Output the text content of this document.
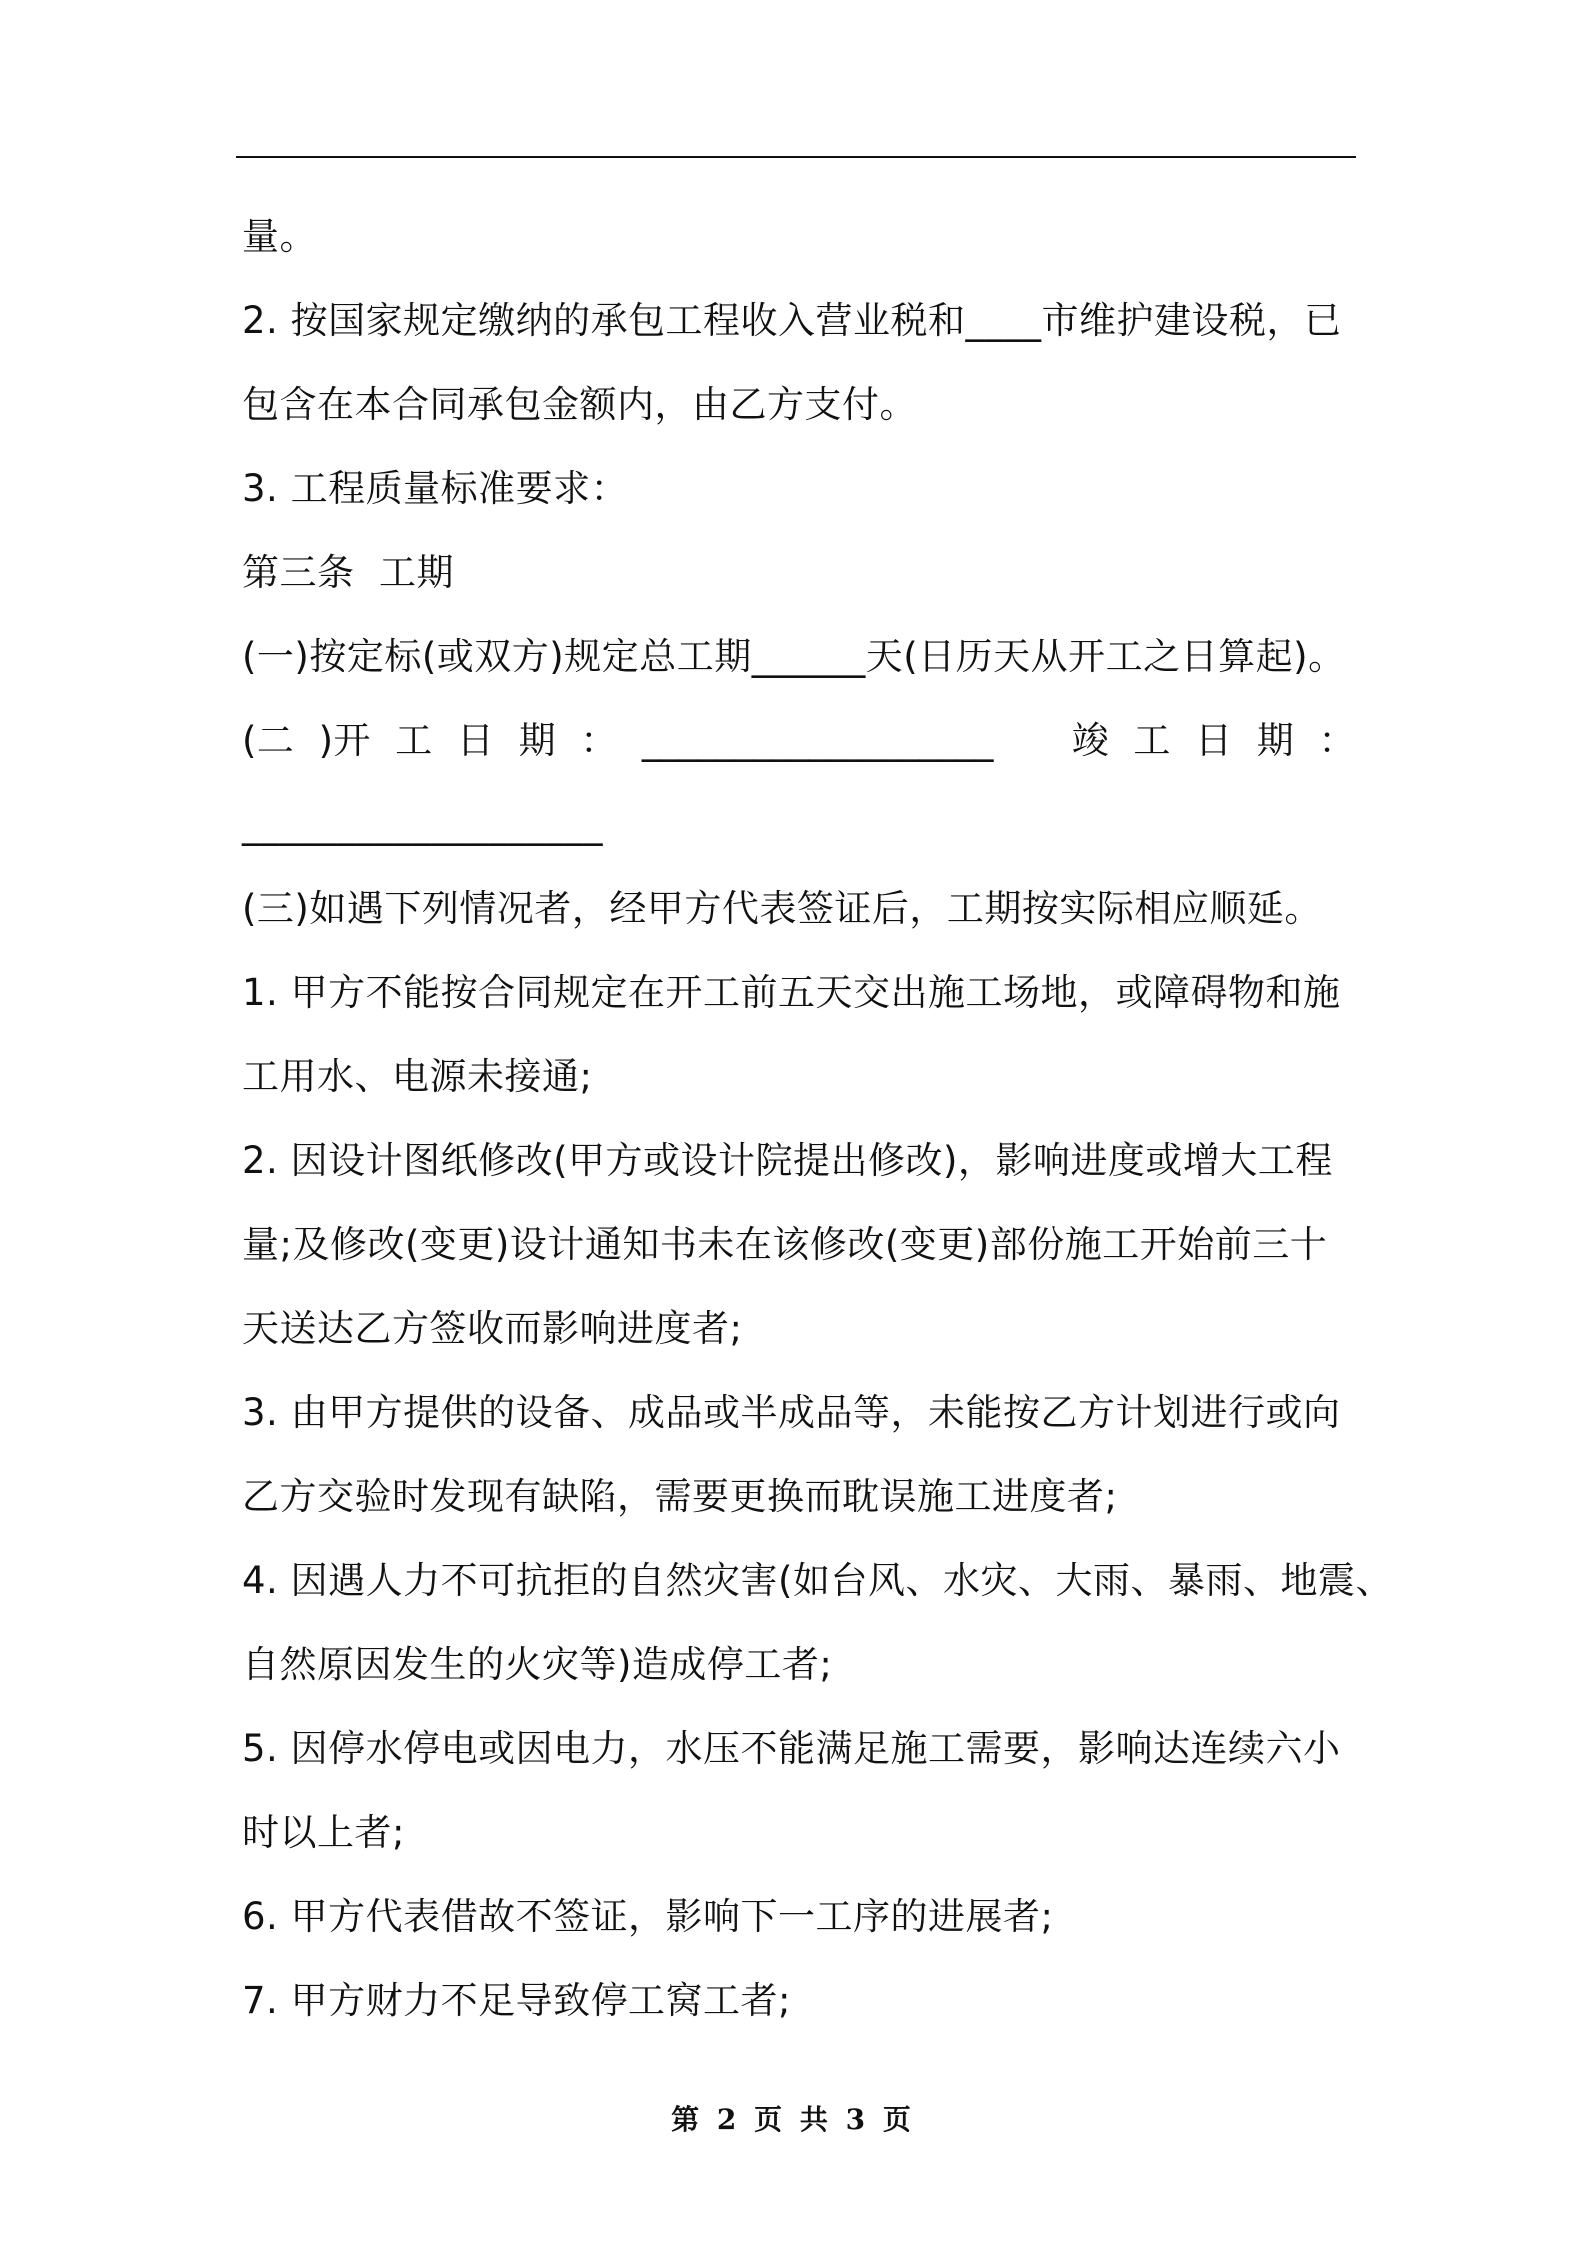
量。
2. 按国家规定缴纳的承包工程收入营业税和____市维护建设税，已
包含在本合同承包金额内，由乙方支付。
3. 工程质量标准要求：
第三条  工期
(一)按定标(或双方)规定总工期______天(日历天从开工之日算起)。
(二 )开 工 日 期 ： ___________________ 竣 工 日 期 ：
___________________
(三)如遇下列情况者，经甲方代表签证后，工期按实际相应顺延。
1. 甲方不能按合同规定在开工前五天交出施工场地，或障碍物和施
工用水、电源未接通;
2. 因设计图纸修改(甲方或设计院提出修改)，影响进度或增大工程
量;及修改(变更)设计通知书未在该修改(变更)部份施工开始前三十
天送达乙方签收而影响进度者;
3. 由甲方提供的设备、成品或半成品等，未能按乙方计划进行或向
乙方交验时发现有缺陷，需要更换而耽误施工进度者;
4. 因遇人力不可抗拒的自然灾害(如台风、水灾、大雨、暴雨、地震、
自然原因发生的火灾等)造成停工者;
5. 因停水停电或因电力，水压不能满足施工需要，影响达连续六小
时以上者;
6. 甲方代表借故不签证，影响下一工序的进展者;
7. 甲方财力不足导致停工窝工者;
第 2 页 共 3 页
